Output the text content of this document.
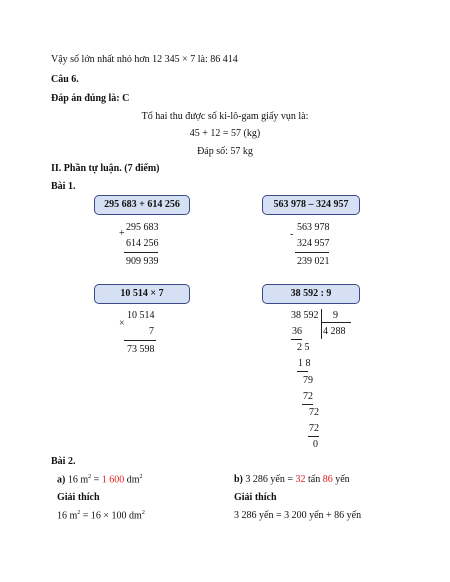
Vậy số lớn nhất nhỏ hơn 12 345 × 7 là: 86 414
Câu 6.
Đáp án đúng là: C
Tổ hai thu được số ki-lô-gam giấy vụn là:
45 + 12 = 57 (kg)
Đáp số: 57 kg
II. Phần tự luận. (7 điểm)
Bài 1.
295 683 + 614 256
+
295 683
614 256
909 939
563 978 – 324 957
-
563 978
324 957
239 021
10 514 × 7
×
10 514
7
73 598
38 592 : 9
38 592 9
4 288
36
2 5
1 8
79
72
72
72
0
Bài 2.
a) 16 $m^2 = 1$ 600 $dm^2$
Giải thích
16 $m^2 = 16 \times 100$ $dm^2$
b) 3 286 yến = 32 tấn 86 yến
Giải thích
3 286 yến = 3 200 yến + 86 yến
